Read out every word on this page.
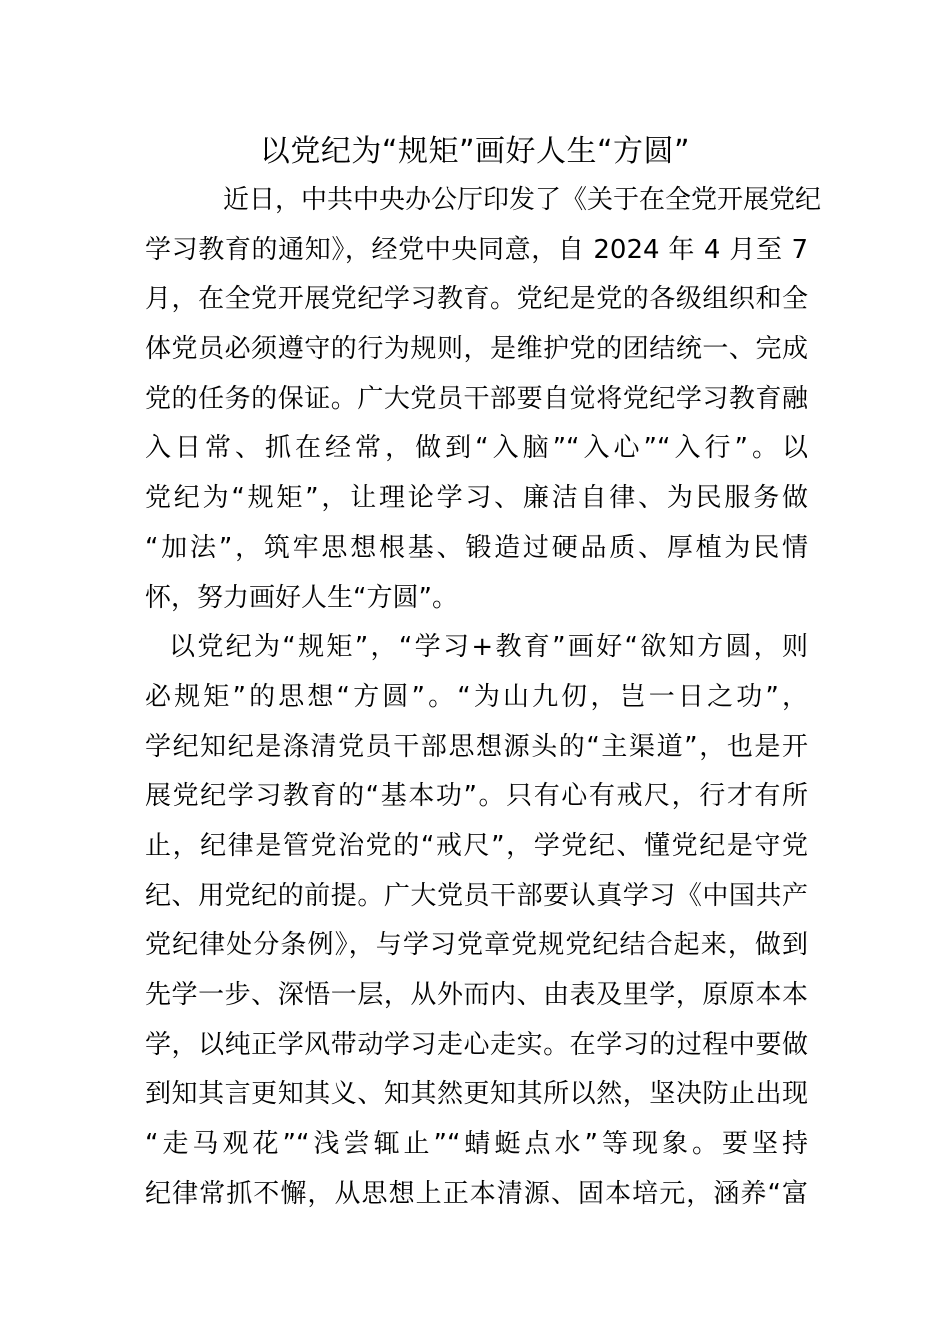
以党纪为“规矩”画好人生“方圆”
　近日，中共中央办公厅印发了《关于在全党开展党纪
学习教育的通知》，经党中央同意，自 2024 年 4 月至 7
月，在全党开展党纪学习教育。党纪是党的各级组织和全
体党员必须遵守的行为规则，是维护党的团结统一、完成
党的任务的保证。广大党员干部要自觉将党纪学习教育融
入日常、抓在经常，做到“入脑”“入心”“入行”。以
党纪为“规矩”，让理论学习、廉洁自律、为民服务做
“加法”，筑牢思想根基、锻造过硬品质、厚植为民情
怀，努力画好人生“方圆”。
以党纪为“规矩”，“学习+教育”画好“欲知方圆，则
必规矩”的思想“方圆”。“为山九仞，岂一日之功”，
学纪知纪是涤清党员干部思想源头的“主渠道”，也是开
展党纪学习教育的“基本功”。只有心有戒尺，行才有所
止，纪律是管党治党的“戒尺”，学党纪、懂党纪是守党
纪、用党纪的前提。广大党员干部要认真学习《中国共产
党纪律处分条例》，与学习党章党规党纪结合起来，做到
先学一步、深悟一层，从外而内、由表及里学，原原本本
学，以纯正学风带动学习走心走实。在学习的过程中要做
到知其言更知其义、知其然更知其所以然，坚决防止出现
“走马观花”“浅尝辄止”“蜻蜓点水”等现象。要坚持
纪律常抓不懈，从思想上正本清源、固本培元，涵养“富
